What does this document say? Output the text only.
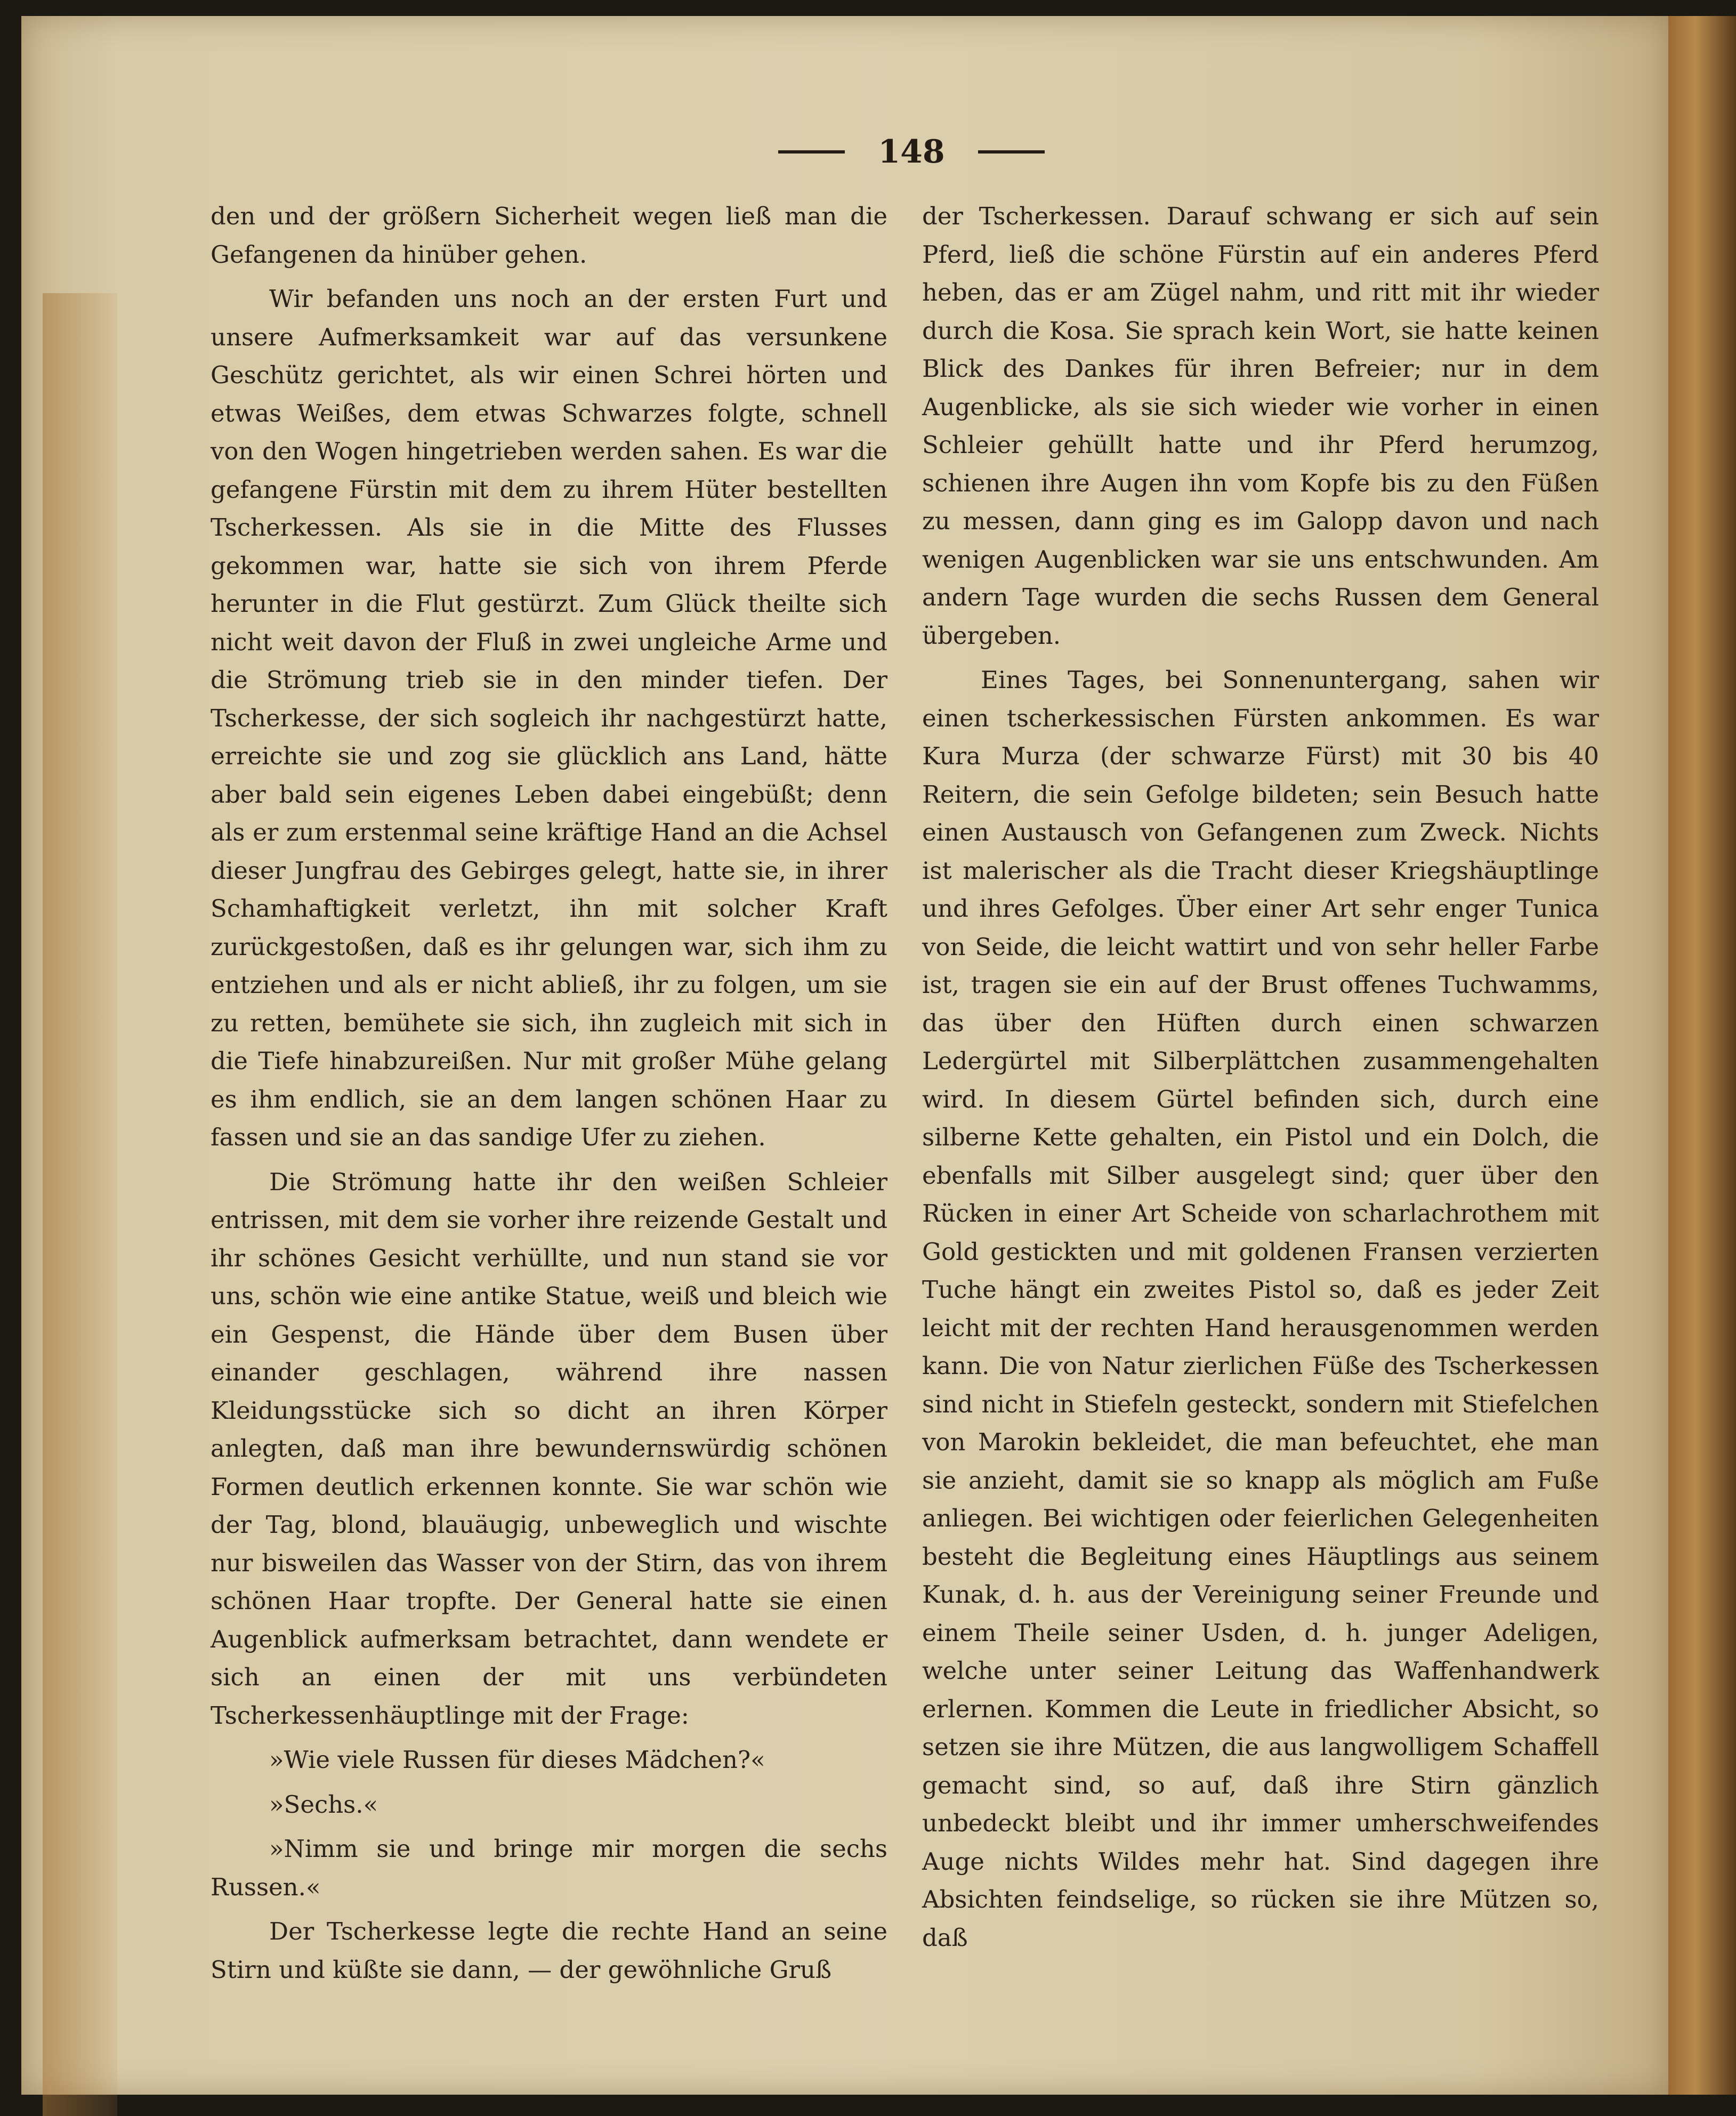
148

den und der größern Sicherheit wegen ließ man die Gefangenen da hinüber gehen.

Wir befanden uns noch an der ersten Furt und unsere Aufmerksamkeit war auf das versunkene Geschütz gerichtet, als wir einen Schrei hörten und etwas Weißes, dem etwas Schwarzes folgte, schnell von den Wogen hingetrieben werden sahen. Es war die gefangene Fürstin mit dem zu ihrem Hüter bestellten Tscherkessen. Als sie in die Mitte des Flusses gekommen war, hatte sie sich von ihrem Pferde herunter in die Flut gestürzt. Zum Glück theilte sich nicht weit davon der Fluß in zwei ungleiche Arme und die Strömung trieb sie in den minder tiefen. Der Tscherkesse, der sich sogleich ihr nachgestürzt hatte, erreichte sie und zog sie glücklich ans Land, hätte aber bald sein eigenes Leben dabei eingebüßt; denn als er zum erstenmal seine kräftige Hand an die Achsel dieser Jungfrau des Gebirges gelegt, hatte sie, in ihrer Schamhaftigkeit verletzt, ihn mit solcher Kraft zurückgestoßen, daß es ihr gelungen war, sich ihm zu entziehen und als er nicht abließ, ihr zu folgen, um sie zu retten, bemühete sie sich, ihn zugleich mit sich in die Tiefe hinabzureißen. Nur mit großer Mühe gelang es ihm endlich, sie an dem langen schönen Haar zu fassen und sie an das sandige Ufer zu ziehen.

Die Strömung hatte ihr den weißen Schleier entrissen, mit dem sie vorher ihre reizende Gestalt und ihr schönes Gesicht verhüllte, und nun stand sie vor uns, schön wie eine antike Statue, weiß und bleich wie ein Gespenst, die Hände über dem Busen über einander geschlagen, während ihre nassen Kleidungsstücke sich so dicht an ihren Körper anlegten, daß man ihre bewundernswürdig schönen Formen deutlich erkennen konnte. Sie war schön wie der Tag, blond, blauäugig, unbeweglich und wischte nur bisweilen das Wasser von der Stirn, das von ihrem schönen Haar tropfte. Der General hatte sie einen Augenblick aufmerksam betrachtet, dann wendete er sich an einen der mit uns verbündeten Tscherkessenhäuptlinge mit der Frage:

»Wie viele Russen für dieses Mädchen?«

»Sechs.«

»Nimm sie und bringe mir morgen die sechs Russen.«

Der Tscherkesse legte die rechte Hand an seine Stirn und küßte sie dann, — der gewöhnliche Gruß

der Tscherkessen. Darauf schwang er sich auf sein Pferd, ließ die schöne Fürstin auf ein anderes Pferd heben, das er am Zügel nahm, und ritt mit ihr wieder durch die Kosa. Sie sprach kein Wort, sie hatte keinen Blick des Dankes für ihren Befreier; nur in dem Augenblicke, als sie sich wieder wie vorher in einen Schleier gehüllt hatte und ihr Pferd herumzog, schienen ihre Augen ihn vom Kopfe bis zu den Füßen zu messen, dann ging es im Galopp davon und nach wenigen Augenblicken war sie uns entschwunden. Am andern Tage wurden die sechs Russen dem General übergeben.

Eines Tages, bei Sonnenuntergang, sahen wir einen tscherkessischen Fürsten ankommen. Es war Kura Murza (der schwarze Fürst) mit 30 bis 40 Reitern, die sein Gefolge bildeten; sein Besuch hatte einen Austausch von Gefangenen zum Zweck. Nichts ist malerischer als die Tracht dieser Kriegshäuptlinge und ihres Gefolges. Über einer Art sehr enger Tunica von Seide, die leicht wattirt und von sehr heller Farbe ist, tragen sie ein auf der Brust offenes Tuchwamms, das über den Hüften durch einen schwarzen Ledergürtel mit Silberplättchen zusammengehalten wird. In diesem Gürtel befinden sich, durch eine silberne Kette gehalten, ein Pistol und ein Dolch, die ebenfalls mit Silber ausgelegt sind; quer über den Rücken in einer Art Scheide von scharlachrothem mit Gold gestickten und mit goldenen Fransen verzierten Tuche hängt ein zweites Pistol so, daß es jeder Zeit leicht mit der rechten Hand herausgenommen werden kann. Die von Natur zierlichen Füße des Tscherkessen sind nicht in Stiefeln gesteckt, sondern mit Stiefelchen von Marokin bekleidet, die man befeuchtet, ehe man sie anzieht, damit sie so knapp als möglich am Fuße anliegen. Bei wichtigen oder feierlichen Gelegenheiten besteht die Begleitung eines Häuptlings aus seinem Kunak, d. h. aus der Vereinigung seiner Freunde und einem Theile seiner Usden, d. h. junger Adeligen, welche unter seiner Leitung das Waffenhandwerk erlernen. Kommen die Leute in friedlicher Absicht, so setzen sie ihre Mützen, die aus langwolligem Schaffell gemacht sind, so auf, daß ihre Stirn gänzlich unbedeckt bleibt und ihr immer umherschweifendes Auge nichts Wildes mehr hat. Sind dagegen ihre Absichten feindselige, so rücken sie ihre Mützen so, daß
